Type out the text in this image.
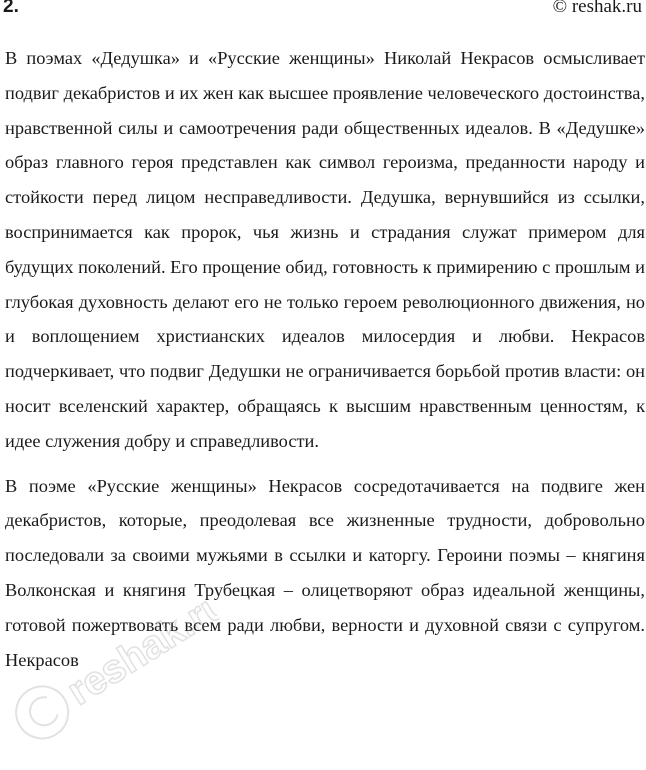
2.	© reshak.ru

В поэмах «Дедушка» и «Русские женщины» Николай Некрасов осмысливает подвиг декабристов и их жен как высшее проявление человеческого достоинства, нравственной силы и самоотречения ради общественных идеалов. В «Дедушке» образ главного героя представлен как символ героизма, преданности народу и стойкости перед лицом несправедливости. Дедушка, вернувшийся из ссылки, воспринимается как пророк, чья жизнь и страдания служат примером для будущих поколений. Его прощение обид, готовность к примирению с прошлым и глубокая духовность делают его не только героем революционного движения, но и воплощением христианских идеалов милосердия и любви. Некрасов подчеркивает, что подвиг Дедушки не ограничивается борьбой против власти: он носит вселенский характер, обращаясь к высшим нравственным ценностям, к идее служения добру и справедливости.

В поэме «Русские женщины» Некрасов сосредотачивается на подвиге жен декабристов, которые, преодолевая все жизненные трудности, добровольно последовали за своими мужьями в ссылки и каторгу. Героини поэмы – княгиня Волконская и княгиня Трубецкая – олицетворяют образ идеальной женщины, готовой пожертвовать всем ради любви, верности и духовной связи с супругом. Некрасов

reshak.ru
